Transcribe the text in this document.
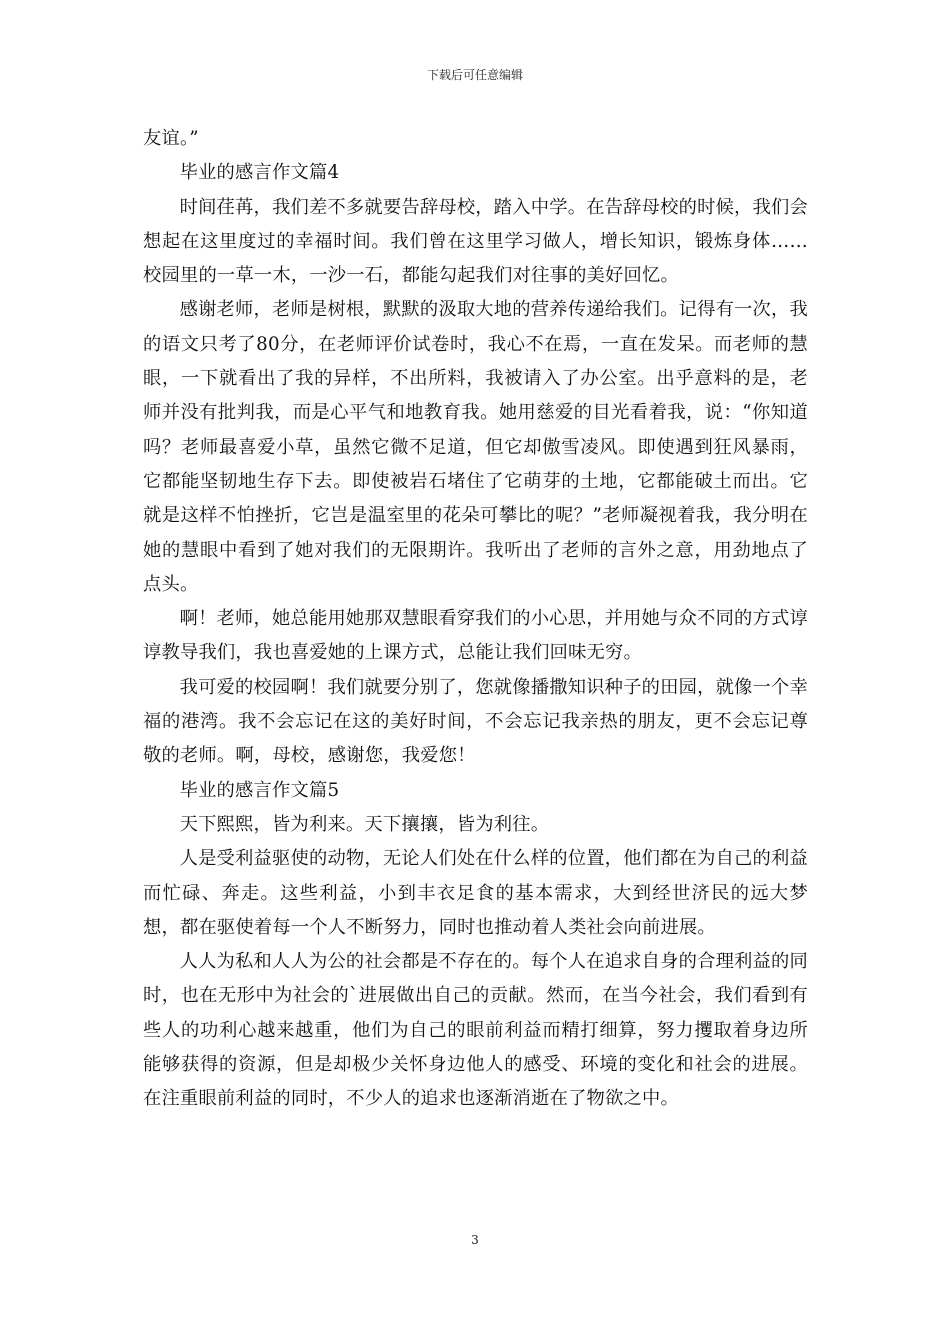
下载后可任意编辑

友谊。”

毕业的感言作文篇4

时间荏苒，我们差不多就要告辞母校，踏入中学。在告辞母校的时候，我们会想起在这里度过的幸福时间。我们曾在这里学习做人，增长知识，锻炼身体……校园里的一草一木，一沙一石，都能勾起我们对往事的美好回忆。

感谢老师，老师是树根，默默的汲取大地的营养传递给我们。记得有一次，我的语文只考了80分，在老师评价试卷时，我心不在焉，一直在发呆。而老师的慧眼，一下就看出了我的异样，不出所料，我被请入了办公室。出乎意料的是，老师并没有批判我，而是心平气和地教育我。她用慈爱的目光看着我，说：“你知道吗？老师最喜爱小草，虽然它微不足道，但它却傲雪凌风。即使遇到狂风暴雨，它都能坚韧地生存下去。即使被岩石堵住了它萌芽的土地，它都能破土而出。它就是这样不怕挫折，它岂是温室里的花朵可攀比的呢？”老师凝视着我，我分明在她的慧眼中看到了她对我们的无限期许。我听出了老师的言外之意，用劲地点了点头。

啊！老师，她总能用她那双慧眼看穿我们的小心思，并用她与众不同的方式谆谆教导我们，我也喜爱她的上课方式，总能让我们回味无穷。

我可爱的校园啊！我们就要分别了，您就像播撒知识种子的田园，就像一个幸福的港湾。我不会忘记在这的美好时间，不会忘记我亲热的朋友，更不会忘记尊敬的老师。啊，母校，感谢您，我爱您！

毕业的感言作文篇5

天下熙熙，皆为利来。天下攘攘，皆为利往。

人是受利益驱使的动物，无论人们处在什么样的位置，他们都在为自己的利益而忙碌、奔走。这些利益，小到丰衣足食的基本需求，大到经世济民的远大梦想，都在驱使着每一个人不断努力，同时也推动着人类社会向前进展。

人人为私和人人为公的社会都是不存在的。每个人在追求自身的合理利益的同时，也在无形中为社会的`进展做出自己的贡献。然而，在当今社会，我们看到有些人的功利心越来越重，他们为自己的眼前利益而精打细算，努力攫取着身边所能够获得的资源，但是却极少关怀身边他人的感受、环境的变化和社会的进展。在注重眼前利益的同时，不少人的追求也逐渐消逝在了物欲之中。

3
